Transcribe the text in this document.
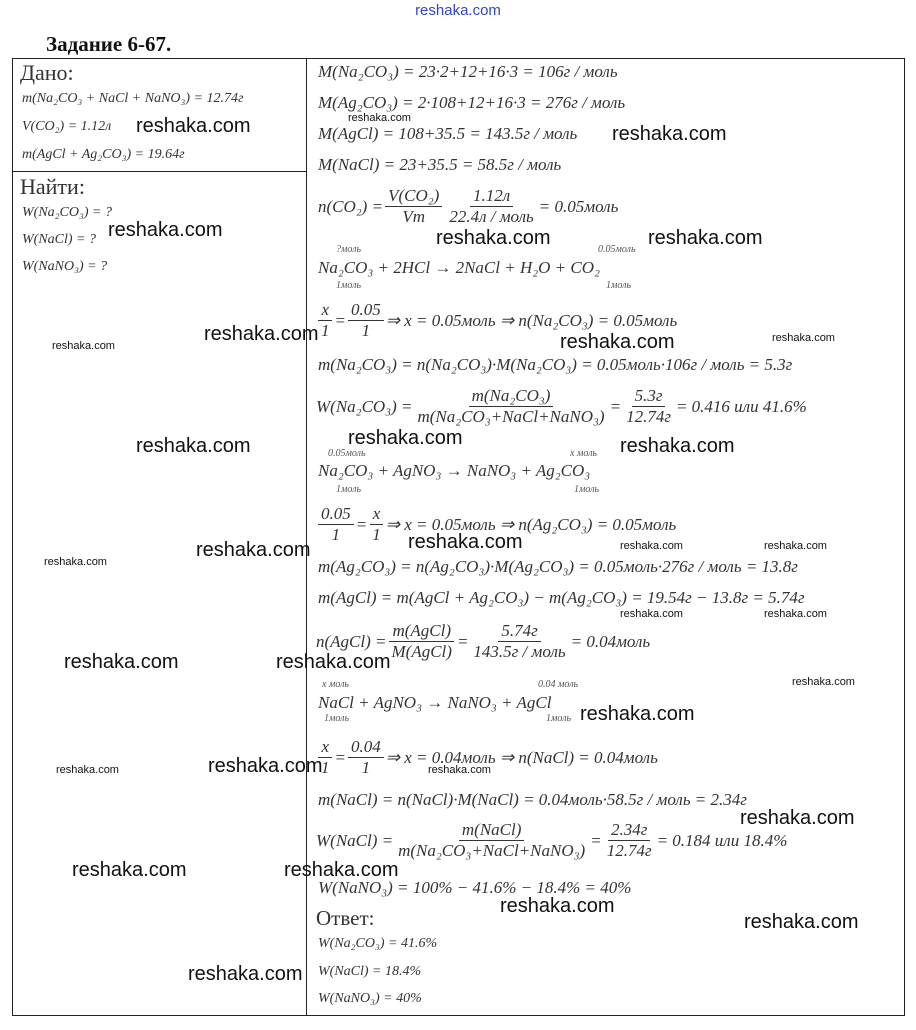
reshaka.com
Задание 6-67.
Дано:
m(Na₂CO₃ + NaCl + NaNO₃) = 12.74г
V(CO₂) = 1.12л
m(AgCl + Ag₂CO₃) = 19.64г
Найти:
W(Na₂CO₃) = ?
W(NaCl) = ?
W(NaNO₃) = ?
M(Na₂CO₃) = 23·2+12+16·3 = 106г / моль
M(Ag₂CO₃) = 2·108+12+16·3 = 276г / моль
M(AgCl) = 108+35.5 = 143.5г / моль
M(NaCl) = 23+35.5 = 58.5г / моль
$n(CO_2) = \frac{\text{V(CO₂)}}{Vm} \frac{1.12л}{\text{22.4л / моль}}$ = 0.05моль
?моль	0.05моль
Na₂CO₃ + 2HCl → 2NaCl + H₂O + CO₂
1моль	1моль
$\frac{x}{1} = \frac{0.05}{1}$ ⇒ x = 0.05моль ⇒ n(Na₂CO₃) = 0.05моль
m(Na₂CO₃) = n(Na₂CO₃)·M(Na₂CO₃) = 0.05моль·106г / моль = 5.3г
$W(Na_2CO_3) = \frac{\text{m(Na₂CO₃)}}{\text{m(Na₂CO₃+NaCl+NaNO₃)}} = \frac{5.3г}{12.74г} = 0.416$ или 41.6%
0.05моль	x моль
Na₂CO₃ + AgNO₃ → NaNO₃ + Ag₂CO₃
1моль	1моль
$\frac{0.05}{1} = \frac{x}{1}$ ⇒ x = 0.05моль ⇒ n(Ag₂CO₃) = 0.05моль
m(Ag₂CO₃) = n(Ag₂CO₃)·M(Ag₂CO₃) = 0.05моль·276г / моль = 13.8г
m(AgCl) = m(AgCl + Ag₂CO₃) − m(Ag₂CO₃) = 19.54г − 13.8г = 5.74г
n(AgCl) = $\frac{\text{m(AgCl)}}{\text{M(AgCl)}} = \frac{5.74г}{\text{143.5г / моль}}$ = 0.04моль
x моль	0.04 моль
NaCl + AgNO₃ → NaNO₃ + AgCl
1моль	1моль
$\frac{x}{1} = \frac{0.04}{1}$ ⇒ x = 0.04моль ⇒ n(NaCl) = 0.04моль
m(NaCl) = n(NaCl)·M(NaCl) = 0.04моль·58.5г / моль = 2.34г
W(NaCl) = $\frac{\text{m(NaCl)}}{\text{m(Na₂CO₃+NaCl+NaNO₃)}} = \frac{2.34г}{12.74г} = 0.184$ или 18.4%
W(NaNO₃) = 100% − 41.6% − 18.4% = 40%
Ответ:
W(Na₂CO₃) = 41.6%
W(NaCl) = 18.4%
W(NaNO₃) = 40%
reshaka.com
reshaka.com	reshaka.com	reshaka.com
reshaka.com	reshaka.com
reshaka.com	reshaka.com	reshaka.com
reshaka.com	reshaka.com
reshaka.com	reshaka.com
reshaka.com
reshaka.com
reshaka.com
reshaka.com	reshaka.com
reshaka.com
reshaka.com
reshaka.com
reshaka.com
reshaka.com
reshaka.com
reshaka.com
reshaka.com
reshaka.com	reshaka.com
reshaka.com	reshaka.com
reshaka.com
reshaka.com	reshaka.com
